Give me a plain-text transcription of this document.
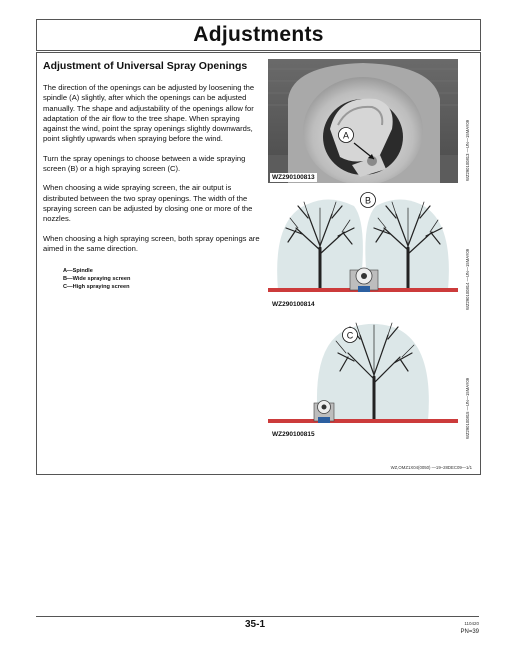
Adjustments
Adjustment of Universal Spray Openings

The direction of the openings can be adjusted by loosening the spindle (A) slightly, after which the openings can be adjusted manually. The shape and adjustability of the openings allow for adaptation of the air flow to the tree shape. When spraying against the wind, point the spray openings slightly downwards, point slightly upwards when spraying before the wind.

Turn the spray openings to choose between a wide spraying screen (B) or a high spraying screen (C).

When choosing a wide spraying screen, the air output is distributed between the two spray openings. The width of the spraying screen can be adjusted by closing one or more of the nozzles.

When choosing a high spraying screen, both spray openings are aimed in the same direction.

A—Spindle
B—Wide spraying screen
C—High spraying screen
A
WZ290100813	WZ290100813 —UN—15MAY09
B
WZ290100814	WZ290100814 —UN—15MAY09
C
WZ290100815	WZ290100815 —UN—15MAY09
WZ,OMZ1X04(0050) —19–28DEC09—1/1
35-1	110420
PN=39
